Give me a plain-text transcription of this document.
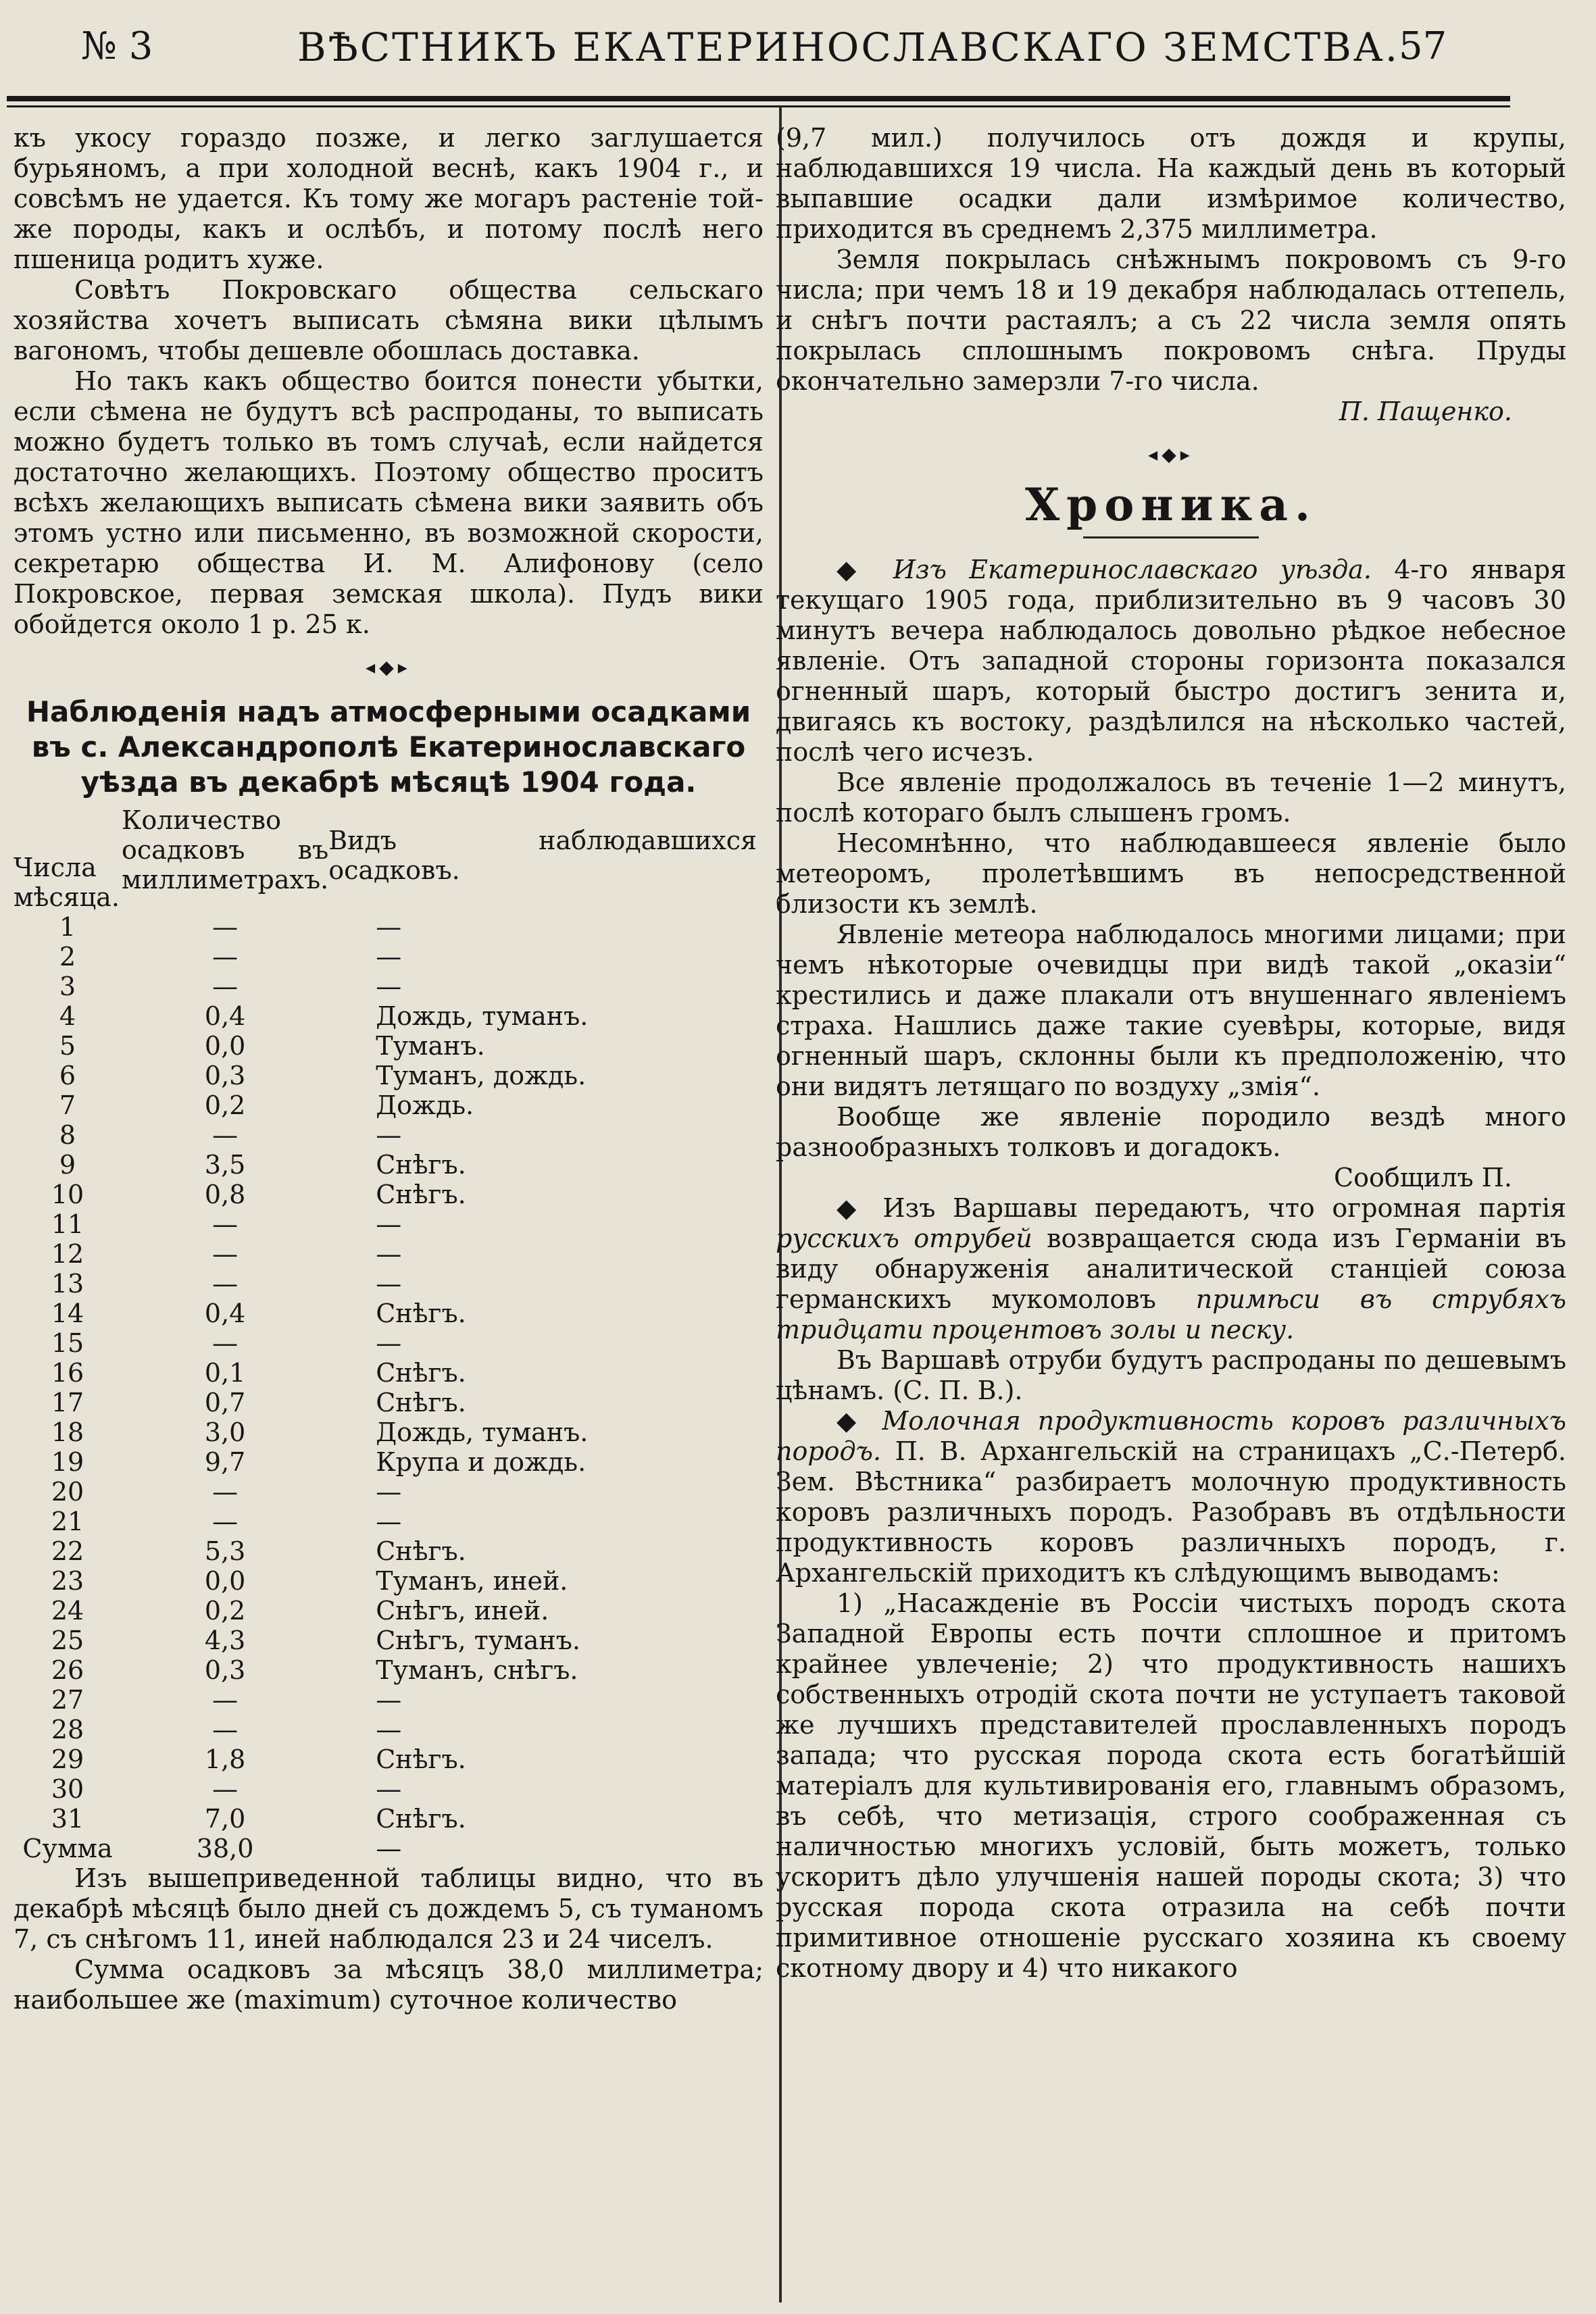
№ 3	ВѢСТНИКЪ ЕКАТЕРИНОСЛАВСКАГО ЗЕМСТВА.
57

къ укосу гораздо позже, и легко заглушается бурьяномъ, а при холодной веснѣ, какъ 1904 г., и совсѣмъ не удается. Къ тому же могаръ растеніе той-же породы, какъ и ослѣбъ, и потому послѣ него пшеница родитъ хуже.

Совѣтъ Покровскаго общества сельскаго хозяйства хочетъ выписать сѣмяна вики цѣлымъ вагономъ, чтобы дешевле обошлась доставка.

Но такъ какъ общество боится понести убытки, если сѣмена не будутъ всѣ распроданы, то выписать можно будетъ только въ томъ случаѣ, если найдется достаточно желающихъ. Поэтому общество проситъ всѣхъ желающихъ выписать сѣмена вики заявить объ этомъ устно или письменно, въ возможной скорости, секретарю общества И. М. Алифонову (село Покровское, первая земская школа). Пудъ вики обойдется около 1 р. 25 к.

◂◆▸

Наблюденія надъ атмосферными осадками въ с. Александрополѣ Екатеринославскаго уѣзда въ декабрѣ мѣсяцѣ 1904 года.

Числа мѣсяца.	Количество осадковъ въ миллиметрахъ.	Видъ наблюдавшихся осадковъ.
1	—	—
2	—	—
3	—	—
4	0,4	Дождь, туманъ.
5	0,0	Туманъ.
6	0,3	Туманъ, дождь.
7	0,2	Дождь.
8	—	—
9	3,5	Снѣгъ.
10	0,8	Снѣгъ.
11	—	—
12	—	—
13	—	—
14	0,4	Снѣгъ.
15	—	—
16	0,1	Снѣгъ.
17	0,7	Снѣгъ.
18	3,0	Дождь, туманъ.
19	9,7	Крупа и дождь.
20	—	—
21	—	—
22	5,3	Снѣгъ.
23	0,0	Туманъ, иней.
24	0,2	Снѣгъ, иней.
25	4,3	Снѣгъ, туманъ.
26	0,3	Туманъ, снѣгъ.
27	—	—
28	—	—
29	1,8	Снѣгъ.
30	—	—
31	7,0	Снѣгъ.
Сумма	38,0	—

Изъ вышеприведенной таблицы видно, что въ декабрѣ мѣсяцѣ было дней съ дождемъ 5, съ туманомъ 7, съ снѣгомъ 11, иней наблюдался 23 и 24 чиселъ.

Сумма осадковъ за мѣсяцъ 38,0 миллиметра; наибольшее же (maximum) суточное количество

(9,7 мил.) получилось отъ дождя и крупы, наблюдавшихся 19 числа. На каждый день въ который выпавшие осадки дали измѣримое количество, приходится въ среднемъ 2,375 миллиметра.

Земля покрылась снѣжнымъ покровомъ съ 9-го числа; при чемъ 18 и 19 декабря наблюдалась оттепель, и снѣгъ почти растаялъ; а съ 22 числа земля опять покрылась сплошнымъ покровомъ снѣга. Пруды окончательно замерзли 7-го числа.

П. Пащенко.

◂◆▸

Хроника.

◆ Изъ Екатеринославскаго уѣзда. 4-го января текущаго 1905 года, приблизительно въ 9 часовъ 30 минутъ вечера наблюдалось довольно рѣдкое небесное явленіе. Отъ западной стороны горизонта показался огненный шаръ, который быстро достигъ зенита и, двигаясь къ востоку, раздѣлился на нѣсколько частей, послѣ чего исчезъ.

Все явленіе продолжалось въ теченіе 1—2 минутъ, послѣ котораго былъ слышенъ громъ.

Несомнѣнно, что наблюдавшееся явленіе было метеоромъ, пролетѣвшимъ въ непосредственной близости къ землѣ.

Явленіе метеора наблюдалось многими лицами; при чемъ нѣкоторые очевидцы при видѣ такой „оказіи“ крестились и даже плакали отъ внушеннаго явленіемъ страха. Нашлись даже такие суевѣры, которые, видя огненный шаръ, склонны были къ предположенію, что они видятъ летящаго по воздуху „змія“.

Вообще же явленіе породило вездѣ много разнообразныхъ толковъ и догадокъ.

Сообщилъ П.

◆ Изъ Варшавы передаютъ, что огромная партія русскихъ отрубей возвращается сюда изъ Германіи въ виду обнаруженія аналитической станціей союза германскихъ мукомоловъ примѣси въ струбяхъ тридцати процентовъ золы и песку.

Въ Варшавѣ отруби будутъ распроданы по дешевымъ цѣнамъ. (С. П. В.).

◆ Молочная продуктивность коровъ различныхъ породъ. П. В. Архангельскій на страницахъ „С.-Петерб. Зем. Вѣстника“ разбираетъ молочную продуктивность коровъ различныхъ породъ. Разобравъ въ отдѣльности продуктивность коровъ различныхъ породъ, г. Архангельскій приходитъ къ слѣдующимъ выводамъ:

1) „Насажденіе въ Россіи чистыхъ породъ скота Западной Европы есть почти сплошное и притомъ крайнее увлеченіе; 2) что продуктивность нашихъ собственныхъ отродій скота почти не уступаетъ таковой же лучшихъ представителей прославленныхъ породъ запада; что русская порода скота есть богатѣйшій матеріалъ для культивированія его, главнымъ образомъ, въ себѣ, что метизація, строго соображенная съ наличностью многихъ условій, быть можетъ, только ускоритъ дѣло улучшенія нашей породы скота; 3) что русская порода скота отразила на себѣ почти примитивное отношеніе русскаго хозяина къ своему скотному двору и 4) что никакого
